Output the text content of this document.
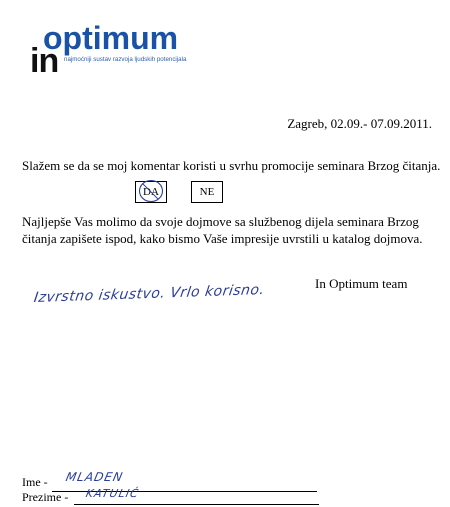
optimum
in najmoćniji sustav razvoja ljudskih potencijala
Zagreb, 02.09.- 07.09.2011.
Slažem se da se moj komentar koristi u svrhu promocije seminara Brzog čitanja.
DA	NE
Najljepše Vas molimo da svoje dojmove sa službenog dijela seminara Brzog čitanja zapišete ispod, kako bismo Vaše impresije uvrstili u katalog dojmova.
In Optimum team
Izvrstno iskustvo. Vrlo korisno.
Ime - MLADEN
Prezime - KATULIĆ
